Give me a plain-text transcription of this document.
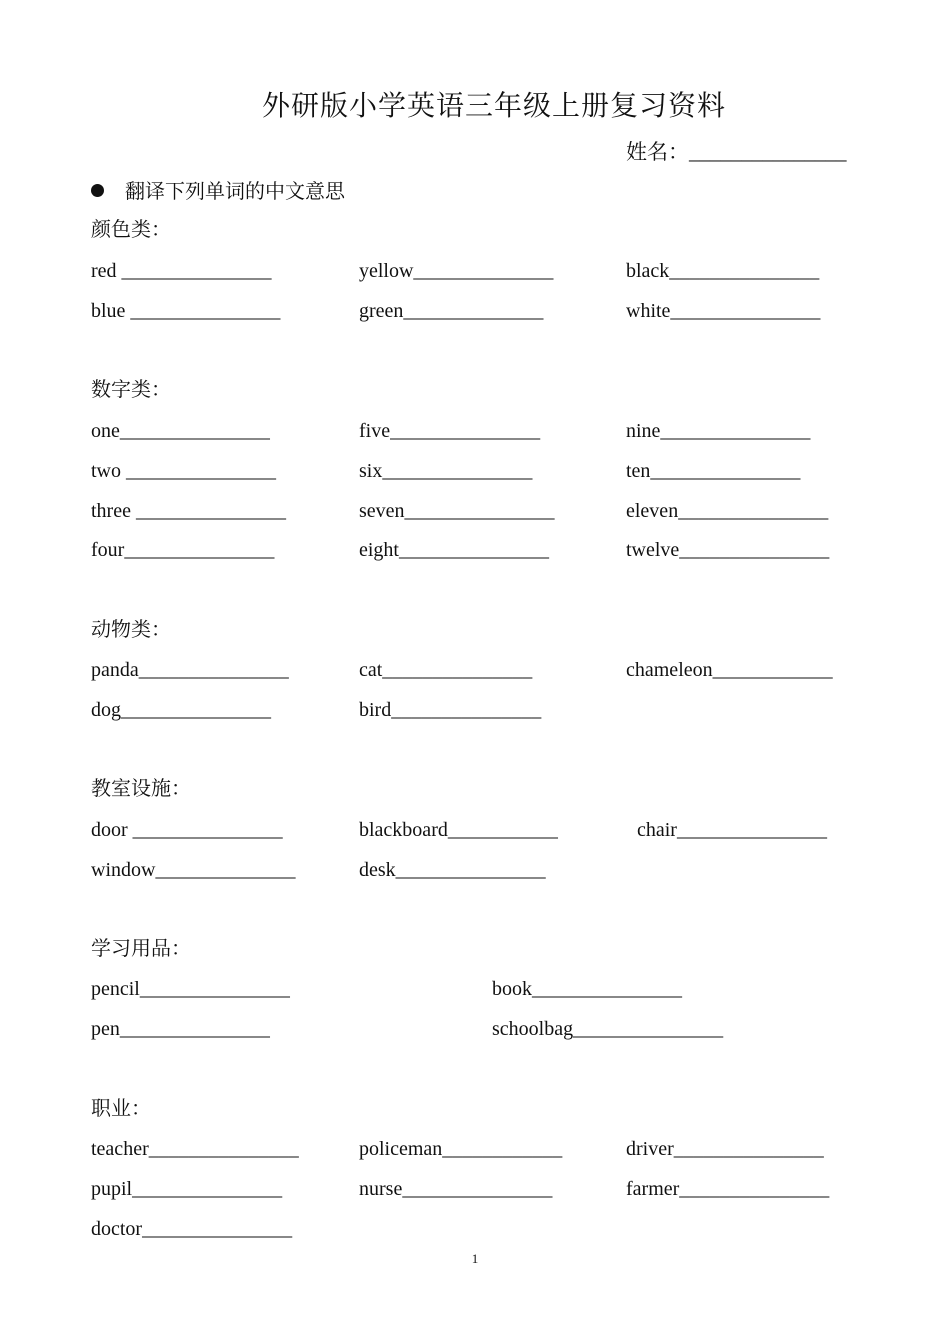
外研版小学英语三年级上册复习资料
姓名：_______________
翻译下列单词的中文意思
颜色类：
red _______________	yellow______________	black_______________
blue _______________	green______________	white_______________
数字类：
one_______________	five_______________	nine_______________
two _______________	six_______________	ten_______________
three _______________	seven_______________	eleven_______________
four_______________	eight_______________	twelve_______________
动物类：
panda_______________	cat_______________	chameleon____________
dog_______________	bird_______________
教室设施：
door _______________	blackboard___________	chair_______________
window______________	desk_______________
学习用品：
pencil_______________	book_______________
pen_______________	schoolbag_______________
职业：
teacher_______________	policeman____________	driver_______________
pupil_______________	nurse_______________	farmer_______________
doctor_______________
1
